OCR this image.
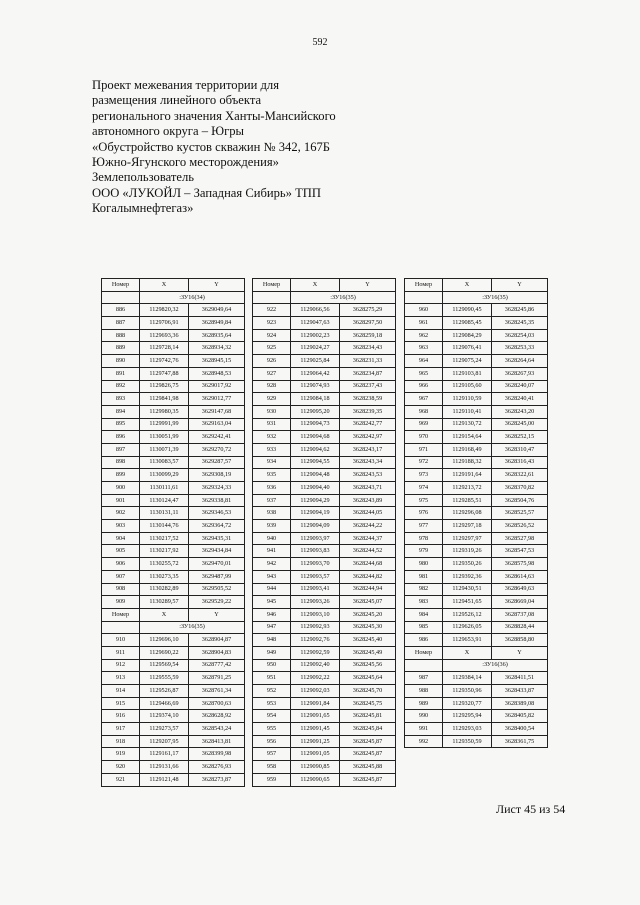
592
Проект межевания территории для
размещения линейного объекта
регионального значения Ханты-Мансийского
автономного округа – Югры
«Обустройство кустов скважин № 342, 167Б
Южно-Ягунского месторождения»
Землепользователь
ООО «ЛУКОЙЛ – Западная Сибирь» ТПП
Когалымнефтегаз»
Номер	X	Y
	:ЗУ16(34)	
886	1129820,32	3629049,64
887	1129706,91	3628949,84
888	1129693,36	3628935,64
889	1129728,14	3628934,32
890	1129742,76	3628945,15
891	1129747,88	3628948,53
892	1129826,75	3629017,92
893	1129841,98	3629012,77
894	1129980,35	3629147,68
895	1129991,99	3629163,04
896	1130051,99	3629242,41
897	1130071,39	3629270,72
898	1130083,57	3629287,57
899	1130099,29	3629308,19
900	1130111,61	3629324,33
901	1130124,47	3629338,81
902	1130131,11	3629346,53
903	1130144,76	3629364,72
904	1130217,52	3629435,31
905	1130217,92	3629434,84
906	1130255,72	3629470,01
907	1130273,35	3629487,99
908	1130282,89	3629505,52
909	1130289,57	3629529,22
Номер	X	Y
	:ЗУ16(35)	
910	1129696,10	3628904,87
911	1129690,22	3628904,83
912	1129569,54	3628777,42
913	1129555,59	3628791,25
914	1129526,87	3628761,34
915	1129466,69	3628700,63
916	1129374,10	3628628,92
917	1129273,57	3628543,24
918	1129207,95	3628413,81
919	1129161,17	3628399,98
920	1129131,66	3628276,93
921	1129121,48	3628273,87
Номер	X	Y
	:ЗУ16(35)	
922	1129066,56	3628275,29
923	1129047,63	3628297,50
924	1129002,23	3628259,18
925	1129024,27	3628234,43
926	1129025,84	3628231,33
927	1129064,42	3628234,87
928	1129074,93	3628237,43
929	1129084,18	3628238,59
930	1129095,20	3628239,35
931	1129094,73	3628242,77
932	1129094,68	3628242,97
933	1129094,62	3628243,17
934	1129094,55	3628243,34
935	1129094,48	3628243,53
936	1129094,40	3628243,71
937	1129094,29	3628243,89
938	1129094,19	3628244,05
939	1129094,09	3628244,22
940	1129093,97	3628244,37
941	1129093,83	3628244,52
942	1129093,70	3628244,68
943	1129093,57	3628244,82
944	1129093,41	3628244,94
945	1129093,26	3628245,07
946	1129093,10	3628245,20
947	1129092,93	3628245,30
948	1129092,76	3628245,40
949	1129092,59	3628245,49
950	1129092,40	3628245,56
951	1129092,22	3628245,64
952	1129092,03	3628245,70
953	1129091,84	3628245,75
954	1129091,65	3628245,81
955	1129091,45	3628245,84
956	1129091,25	3628245,87
957	1129091,05	3628245,87
958	1129090,85	3628245,88
959	1129090,65	3628245,87
Номер	X	Y
	:ЗУ16(35)	
960	1129090,45	3628245,86
961	1129085,45	3628245,35
962	1129084,29	3628254,03
963	1129076,41	3628253,33
964	1129075,24	3628264,64
965	1129103,81	3628267,93
966	1129105,60	3628240,07
967	1129110,59	3628240,41
968	1129110,41	3628243,20
969	1129130,72	3628245,00
970	1129154,64	3628252,15
971	1129168,49	3628310,47
972	1129188,32	3628316,43
973	1129191,64	3628322,61
974	1129213,72	3628370,82
975	1129285,51	3628504,76
976	1129296,08	3628525,57
977	1129297,18	3628526,52
978	1129297,97	3628527,98
979	1129319,26	3628547,53
980	1129350,26	3628575,98
981	1129392,36	3628614,63
982	1129430,51	3628649,63
983	1129451,65	3628669,04
984	1129526,12	3628737,08
985	1129626,05	3628828,44
986	1129653,91	3628858,80
Номер	X	Y
	:ЗУ16(36)	
987	1129384,14	3628411,51
988	1129350,96	3628433,87
989	1129320,77	3628389,08
990	1129295,94	3628405,82
991	1129293,03	3628400,54
992	1129350,59	3628361,75
Лист 45 из 54
